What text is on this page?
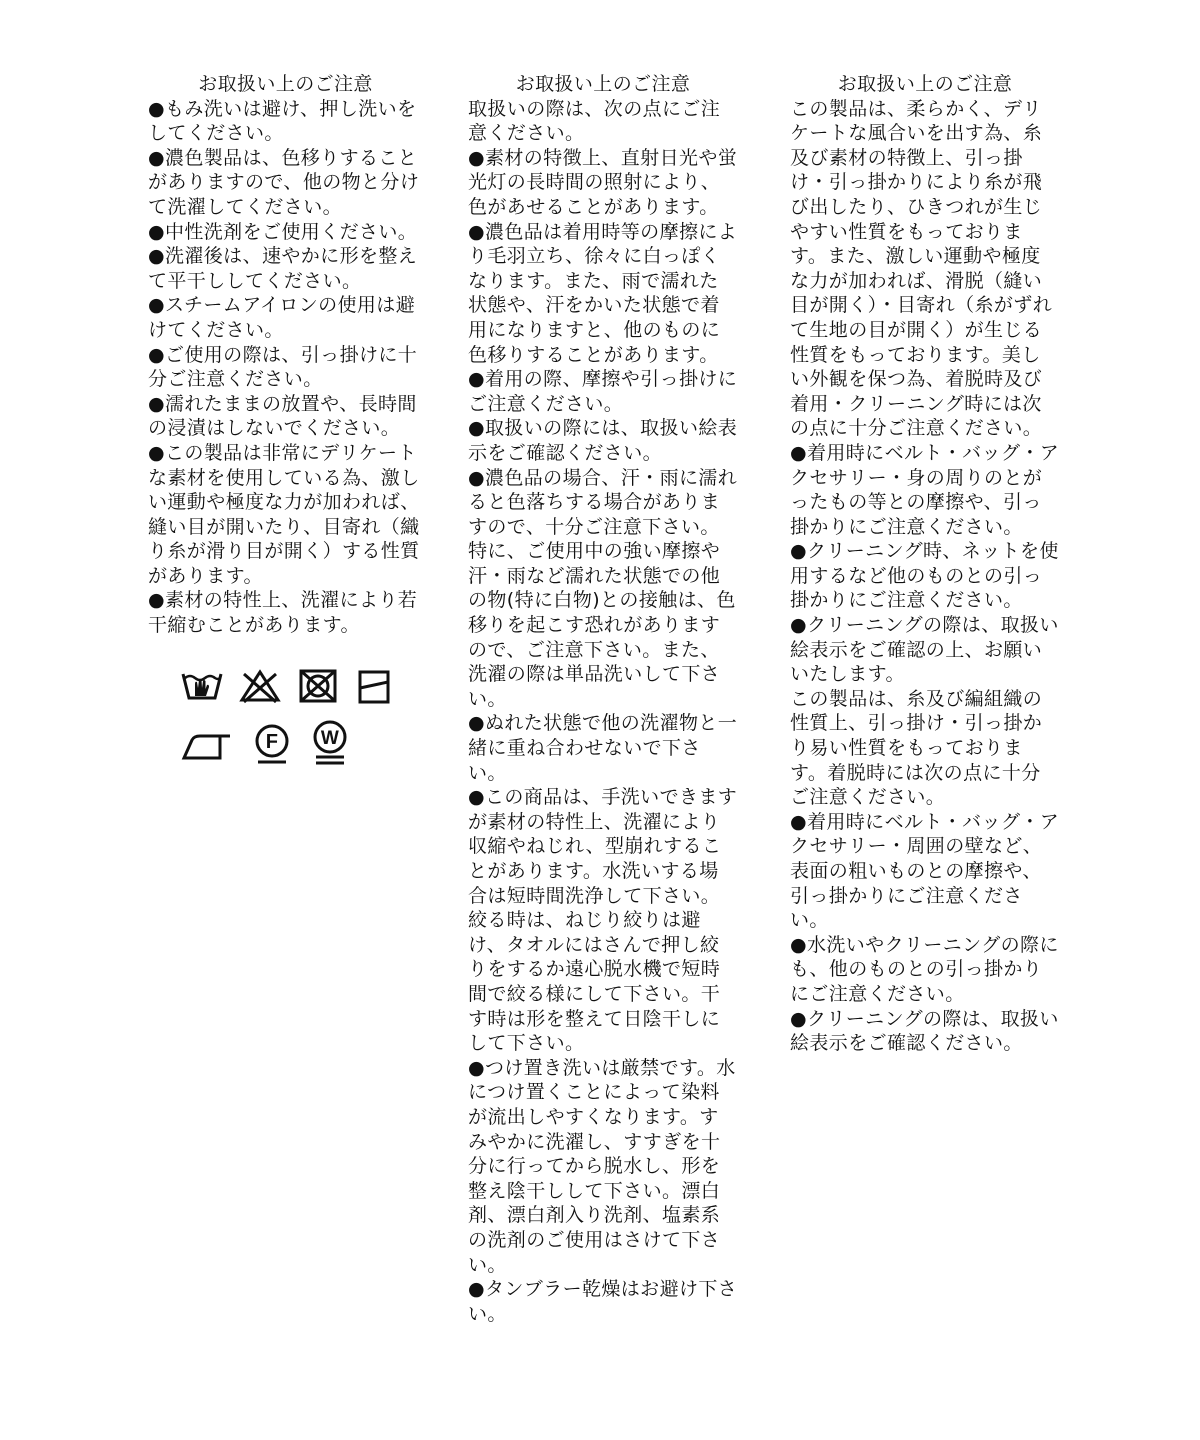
お取扱い上のご注意

●もみ洗いは避け、押し洗いをしてください。

●濃色製品は、色移りすることがありますので、他の物と分けて洗濯してください。

●中性洗剤をご使用ください。

●洗濯後は、速やかに形を整えて平干ししてください。

●スチームアイロンの使用は避けてください。

●ご使用の際は、引っ掛けに十分ご注意ください。

●濡れたままの放置や、長時間の浸漬はしないでください。

●この製品は非常にデリケートな素材を使用している為、激しい運動や極度な力が加われば、縫い目が開いたり、目寄れ（織り糸が滑り目が開く）する性質があります。

●素材の特性上、洗濯により若干縮むことがあります。

F W
お取扱い上のご注意

取扱いの際は、次の点にご注意ください。

●素材の特徴上、直射日光や蛍光灯の長時間の照射により、色があせることがあります。

●濃色品は着用時等の摩擦により毛羽立ち、徐々に白っぽくなります。また、雨で濡れた状態や、汗をかいた状態で着用になりますと、他のものに色移りすることがあります。

●着用の際、摩擦や引っ掛けにご注意ください。

●取扱いの際には、取扱い絵表示をご確認ください。

●濃色品の場合、汗・雨に濡れると色落ちする場合がありますので、十分ご注意下さい。特に、ご使用中の強い摩擦や汗・雨など濡れた状態での他の物(特に白物)との接触は、色移りを起こす恐れがありますので、ご注意下さい。また、洗濯の際は単品洗いして下さい。

●ぬれた状態で他の洗濯物と一緒に重ね合わせないで下さい。

●この商品は、手洗いできますが素材の特性上、洗濯により収縮やねじれ、型崩れすることがあります。水洗いする場合は短時間洗浄して下さい。絞る時は、ねじり絞りは避け、タオルにはさんで押し絞りをするか遠心脱水機で短時間で絞る様にして下さい。干す時は形を整えて日陰干しにして下さい。

●つけ置き洗いは厳禁です。水につけ置くことによって染料が流出しやすくなります。すみやかに洗濯し、すすぎを十分に行ってから脱水し、形を整え陰干しして下さい。漂白剤、漂白剤入り洗剤、塩素系の洗剤のご使用はさけて下さい。

●タンブラー乾燥はお避け下さい。

お取扱い上のご注意

この製品は、柔らかく、デリケートな風合いを出す為、糸及び素材の特徴上、引っ掛け・引っ掛かりにより糸が飛び出したり、ひきつれが生じやすい性質をもっております。また、激しい運動や極度な力が加われば、滑脱（縫い目が開く）・目寄れ（糸がずれて生地の目が開く）が生じる性質をもっております。美しい外観を保つ為、着脱時及び着用・クリーニング時には次の点に十分ご注意ください。

●着用時にベルト・バッグ・アクセサリー・身の周りのとがったもの等との摩擦や、引っ掛かりにご注意ください。

●クリーニング時、ネットを使用するなど他のものとの引っ掛かりにご注意ください。

●クリーニングの際は、取扱い絵表示をご確認の上、お願いいたします。

この製品は、糸及び編組織の性質上、引っ掛け・引っ掛かり易い性質をもっております。着脱時には次の点に十分ご注意ください。

●着用時にベルト・バッグ・アクセサリー・周囲の壁など、表面の粗いものとの摩擦や、引っ掛かりにご注意ください。

●水洗いやクリーニングの際にも、他のものとの引っ掛かりにご注意ください。

●クリーニングの際は、取扱い絵表示をご確認ください。
